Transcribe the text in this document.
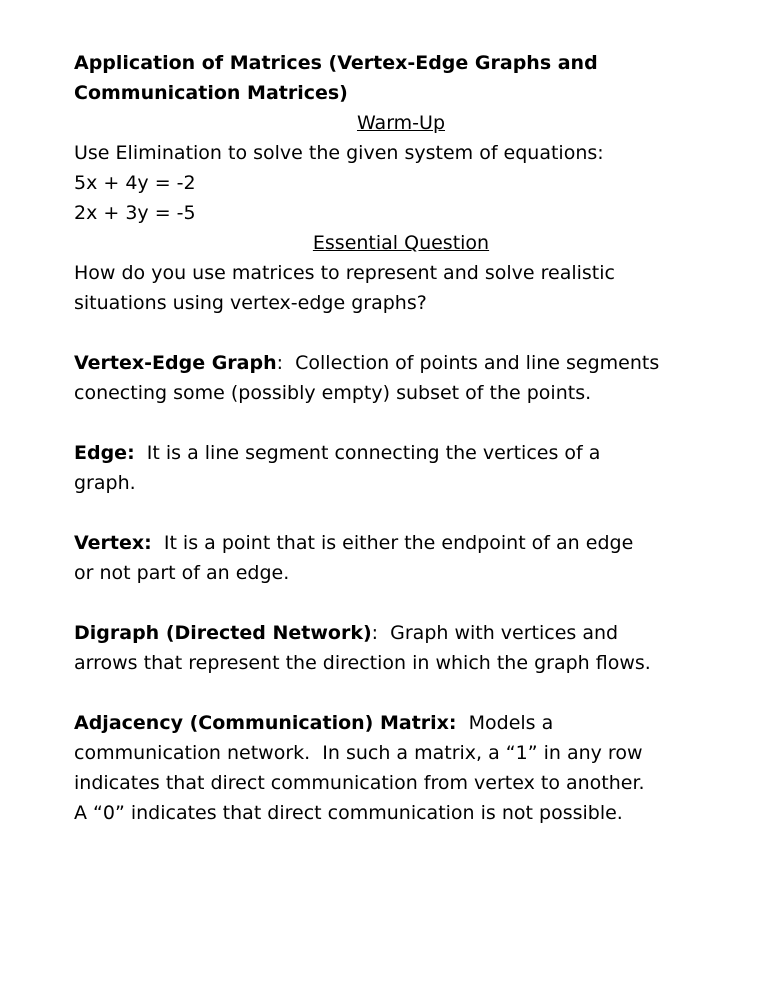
Application of Matrices (Vertex-Edge Graphs and

Communication Matrices)

Warm-Up

Use Elimination to solve the given system of equations:

5x + 4y = -2

2x + 3y = -5

Essential Question

How do you use matrices to represent and solve realistic

situations using vertex-edge graphs?

Vertex-Edge Graph:  Collection of points and line segments

conecting some (possibly empty) subset of the points.

Edge: It is a line segment connecting the vertices of a

graph.

Vertex: It is a point that is either the endpoint of an edge

or not part of an edge.

Digraph (Directed Network):  Graph with vertices and

arrows that represent the direction in which the graph flows.

Adjacency (Communication) Matrix: Models a

communication network.  In such a matrix, a “1” in any row

indicates that direct communication from vertex to another.

A “0” indicates that direct communication is not possible.
